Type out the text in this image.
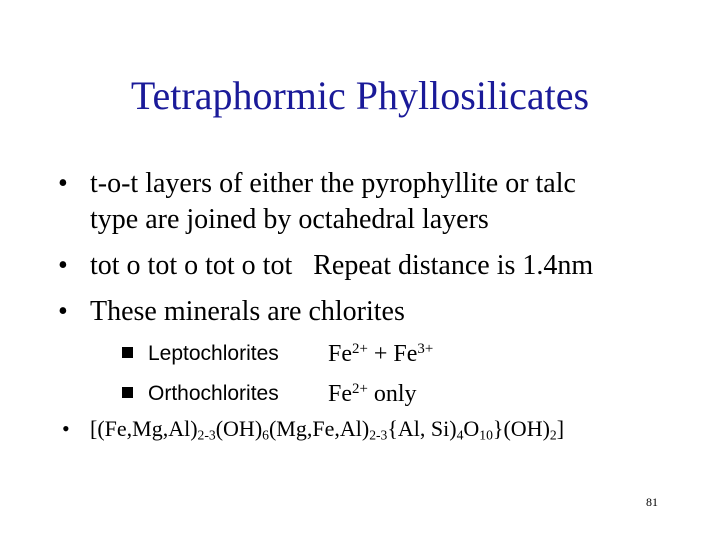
Tetraphormic Phyllosilicates
• t-o-t layers of either the pyrophyllite or talc
type are joined by octahedral layers
• tot o tot o tot o tot   Repeat distance is 1.4nm
• These minerals are chlorites
Leptochlorites $Fe^{2+} + Fe^{3+}$
Orthochlorites $Fe^{2+}$ only
• [$(Fe,Mg,Al)_{2-3}(OH)_6(Mg,Fe,Al)_{2-3}\{Al$, $Si)_4O_{10}\}(OH)_2$]
81
